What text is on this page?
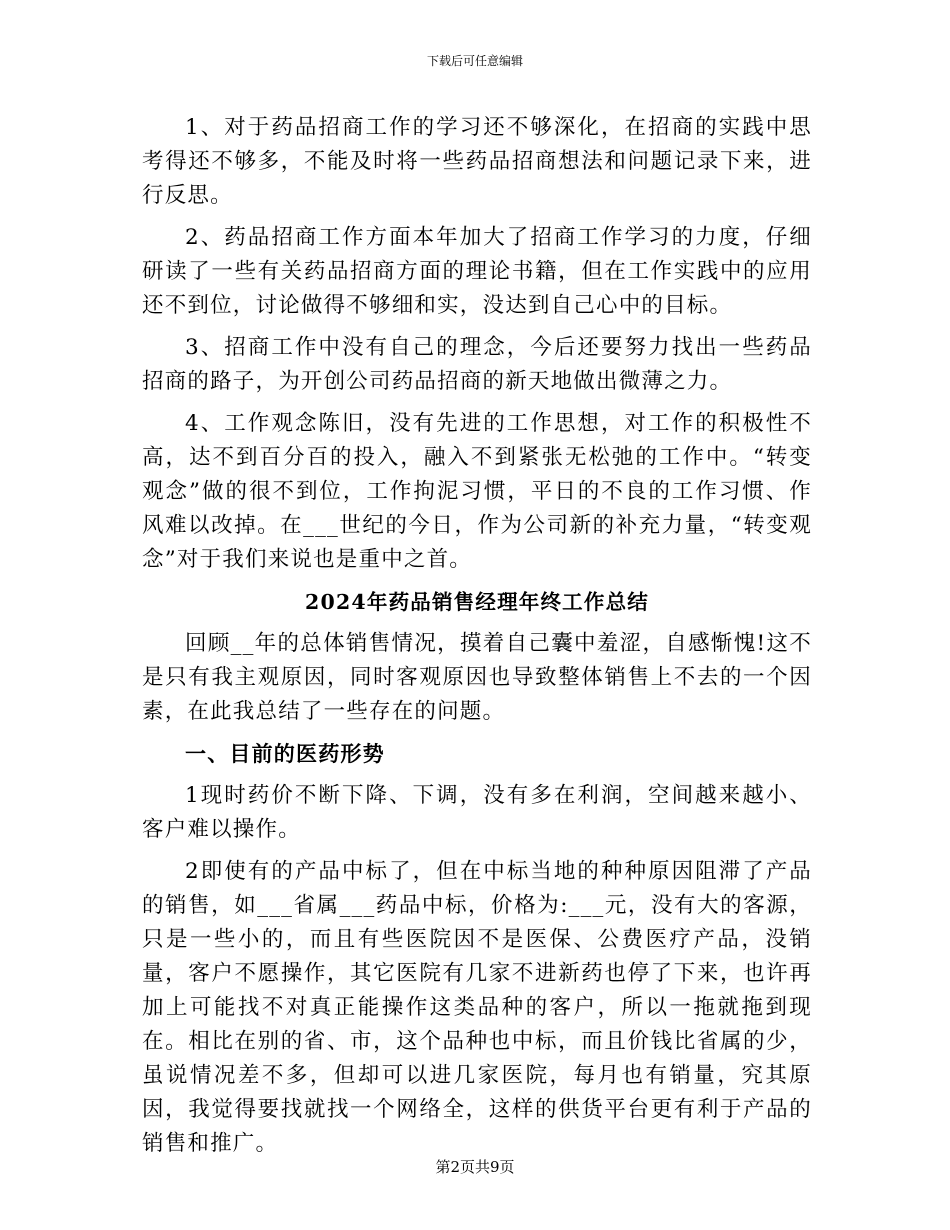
下载后可任意编辑

1、对于药品招商工作的学习还不够深化，在招商的实践中思考得还不够多，不能及时将一些药品招商想法和问题记录下来，进行反思。

2、药品招商工作方面本年加大了招商工作学习的力度，仔细研读了一些有关药品招商方面的理论书籍，但在工作实践中的应用还不到位，讨论做得不够细和实，没达到自己心中的目标。

3、招商工作中没有自己的理念，今后还要努力找出一些药品招商的路子，为开创公司药品招商的新天地做出微薄之力。

4、工作观念陈旧，没有先进的工作思想，对工作的积极性不高，达不到百分百的投入，融入不到紧张无松弛的工作中。“转变观念”做的很不到位，工作拘泥习惯，平日的不良的工作习惯、作风难以改掉。在___世纪的今日，作为公司新的补充力量，“转变观念”对于我们来说也是重中之首。

2024年药品销售经理年终工作总结

回顾__年的总体销售情况，摸着自己囊中羞涩，自感惭愧!这不是只有我主观原因，同时客观原因也导致整体销售上不去的一个因素，在此我总结了一些存在的问题。

一、目前的医药形势

1现时药价不断下降、下调，没有多在利润，空间越来越小、客户难以操作。

2即使有的产品中标了，但在中标当地的种种原因阻滞了产品的销售，如___省属___药品中标，价格为:___元，没有大的客源，只是一些小的，而且有些医院因不是医保、公费医疗产品，没销量，客户不愿操作，其它医院有几家不进新药也停了下来，也许再加上可能找不对真正能操作这类品种的客户，所以一拖就拖到现在。相比在别的省、市，这个品种也中标，而且价钱比省属的少，虽说情况差不多，但却可以进几家医院，每月也有销量，究其原因，我觉得要找就找一个网络全，这样的供货平台更有利于产品的销售和推广。

第2页共9页
